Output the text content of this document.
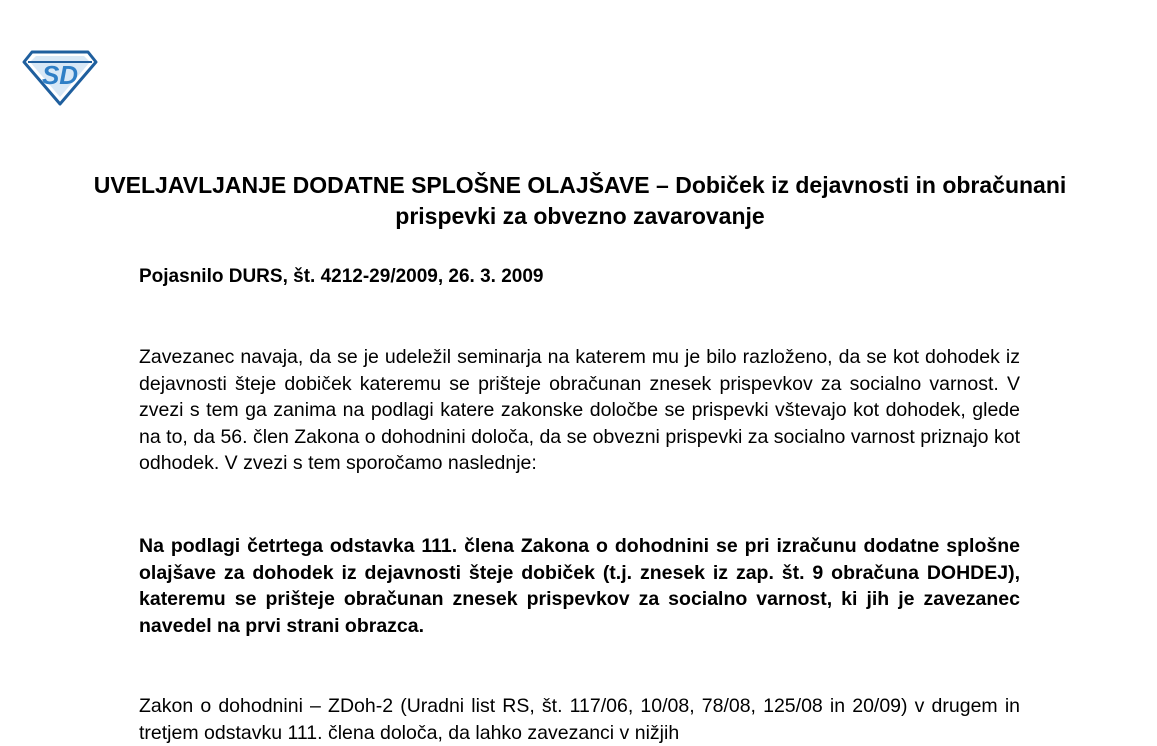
SD
UVELJAVLJANJE DODATNE SPLOŠNE OLAJŠAVE – Dobiček iz dejavnosti in obračunani prispevki za obvezno zavarovanje

Pojasnilo DURS, št. 4212-29/2009, 26. 3. 2009

Zavezanec navaja, da se je udeležil seminarja na katerem mu je bilo razloženo, da se kot dohodek iz dejavnosti šteje dobiček kateremu se prišteje obračunan znesek prispevkov za socialno varnost. V zvezi s tem ga zanima na podlagi katere zakonske določbe se prispevki vštevajo kot dohodek, glede na to, da 56. člen Zakona o dohodnini določa, da se obvezni prispevki za socialno varnost priznajo kot odhodek. V zvezi s tem sporočamo naslednje:

Na podlagi četrtega odstavka 111. člena Zakona o dohodnini se pri izračunu dodatne splošne olajšave za dohodek iz dejavnosti šteje dobiček (t.j. znesek iz zap. št. 9 obračuna DOHDEJ), kateremu se prišteje obračunan znesek prispevkov za socialno varnost, ki jih je zavezanec navedel na prvi strani obrazca.

Zakon o dohodnini – ZDoh-2 (Uradni list RS, št. 117/06, 10/08, 78/08, 125/08 in 20/09) v drugem in tretjem odstavku 111. člena določa, da lahko zavezanci v nižjih
